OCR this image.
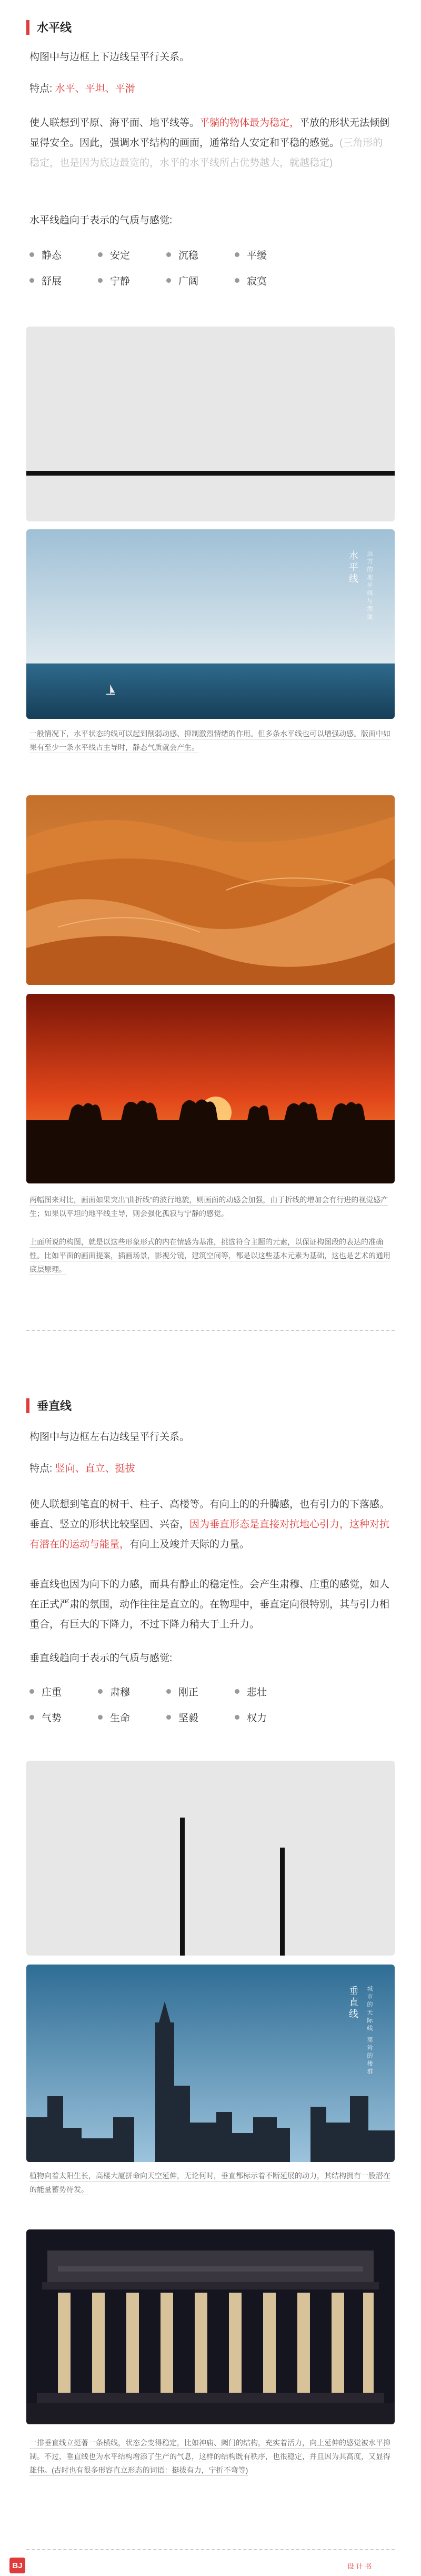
水平线
构图中与边框上下边线呈平行关系。
特点: 水平、平坦、平滑
使人联想到平原、海平面、地平线等。平躺的物体最为稳定，平放的形状无法倾倒显得安全。因此，强调水平结构的画面，通常给人安定和平稳的感觉。(三角形的稳定，也是因为底边最宽的，水平的水平线所占优势越大，就越稳定)
水平线趋向于表示的气质与感觉:
静态	安定	沉稳	平缓
舒展	宁静	广阔	寂寞
水平线 远方的地平线与海面
一般情况下，水平状态的线可以起到削弱动感、抑制激烈情绪的作用。但多条水平线也可以增强动感。版面中如果有至少一条水平线占主导时，静态气质就会产生。
两幅图来对比，画面如果突出”曲折线”的波行地貌，则画面的动感会加强，由于折线的增加会有行进的视觉感产生；如果以平坦的地平线主导，则会强化孤寂与宁静的感觉。
上面所说的构图，就是以这些形象形式的内在情感为基准，挑选符合主题的元素，以保证构图段的表达的准确性。比如平面的画面提案，插画场景，影视分镜，建筑空间等，都是以这些基本元素为基础，这也是艺术的通用底层原理。
垂直线
构图中与边框左右边线呈平行关系。
特点: 竖向、直立、挺拔
使人联想到笔直的树干、柱子、高楼等。有向上的的升腾感，也有引力的下落感。垂直、竖立的形状比较坚固、兴奋，因为垂直形态是直接对抗地心引力，这种对抗有潜在的运动与能量，有向上及竣并天际的力量。
垂直线也因为向下的力感，而具有静止的稳定性。会产生肃穆、庄重的感觉，如人在正式严肃的氛围，动作往往是直立的。在物理中，垂直定向很特别，其与引力相重合，有巨大的下降力，不过下降力稍大于上升力。
垂直线趋向于表示的气质与感觉:
庄重	肃穆	刚正	悲壮
气势	生命	坚毅	权力
垂直线 城市的天际线 高耸的楼群
植物向着太阳生长，高楼大厦拼命向天空延伸，无论何时，垂直都标示着不断延展的动力，其结构拥有一股潜在的能量蓄势待发。
一排垂直线立挺著一条横线，状态会变得稳定，比如神庙、阙门的结构，充实着活力，向上延伸的感觉被水平抑制。不过，垂直线也为水平结构增添了生产的气息，这样的结构既有秩序，也很稳定，并且因为其高度，又显得雄伟。(古时也有很多形容直立形态的词语：挺拔有力，宁折不弯等)
BJ	设 计 书
